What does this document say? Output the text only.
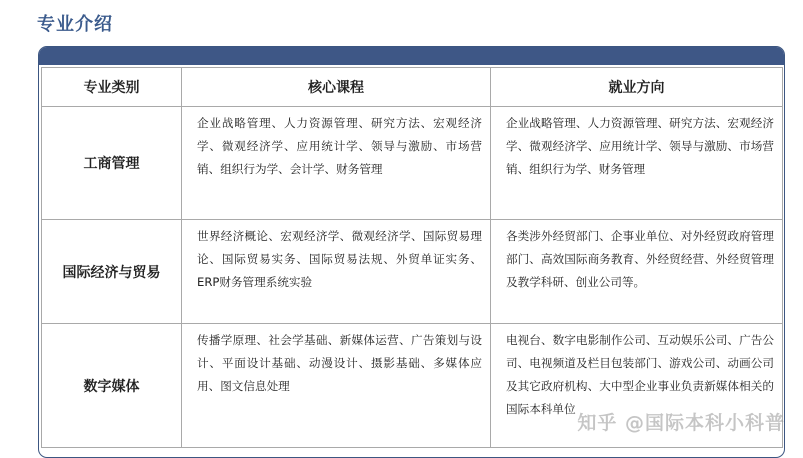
专业介绍
专业类别	核心课程	就业方向
工商管理	企业战略管理、人力资源管理、研究方法、宏观经济学、微观经济学、应用统计学、领导与激励、市场营销、组织行为学、会计学、财务管理	企业战略管理、人力资源管理、研究方法、宏观经济学、微观经济学、应用统计学、领导与激励、市场营销、组织行为学、财务管理

国际经济与贸易	世界经济概论、宏观经济学、微观经济学、国际贸易理论、国际贸易实务、国际贸易法规、外贸单证实务、ERP财务管理系统实验	各类涉外经贸部门、企事业单位、对外经贸政府管理部门、高效国际商务教育、外经贸经营、外经贸管理及教学科研、创业公司等。

数字媒体	传播学原理、社会学基础、新媒体运营、广告策划与设计、平面设计基础、动漫设计、摄影基础、多媒体应用、图文信息处理	电视台、数字电影制作公司、互动娱乐公司、广告公司、电视频道及栏目包装部门、游戏公司、动画公司及其它政府机构、大中型企业事业负责新媒体相关的国际本科单位
知乎 @国际本科小科普
